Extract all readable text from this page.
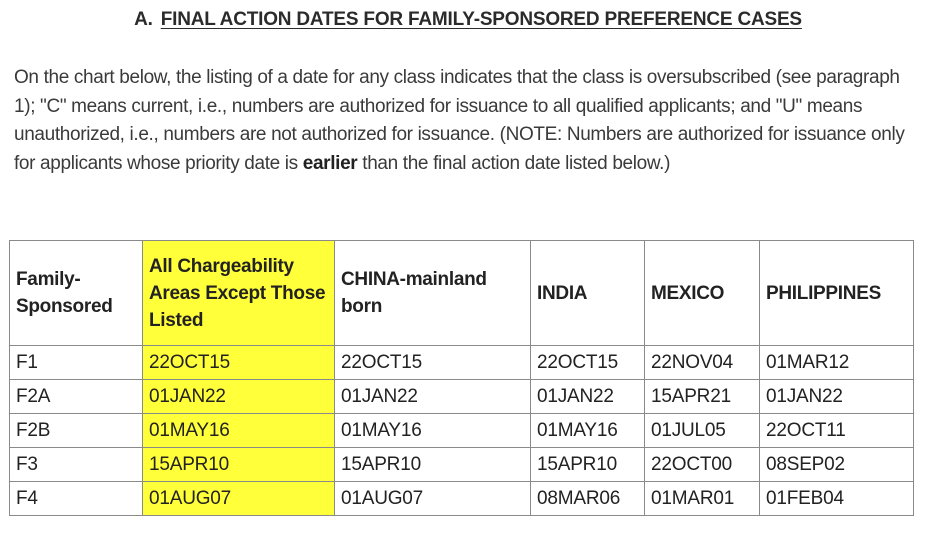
A. FINAL ACTION DATES FOR FAMILY-SPONSORED PREFERENCE CASES
On the chart below, the listing of a date for any class indicates that the class is oversubscribed (see paragraph 1); "C" means current, i.e., numbers are authorized for issuance to all qualified applicants; and "U" means unauthorized, i.e., numbers are not authorized for issuance. (NOTE: Numbers are authorized for issuance only for applicants whose priority date is earlier than the final action date listed below.)
Family-Sponsored	All Chargeability Areas Except Those Listed	CHINA-mainland born	INDIA	MEXICO	PHILIPPINES
F1	22OCT15	22OCT15	22OCT15	22NOV04	01MAR12
F2A	01JAN22	01JAN22	01JAN22	15APR21	01JAN22
F2B	01MAY16	01MAY16	01MAY16	01JUL05	22OCT11
F3	15APR10	15APR10	15APR10	22OCT00	08SEP02
F4	01AUG07	01AUG07	08MAR06	01MAR01	01FEB04
